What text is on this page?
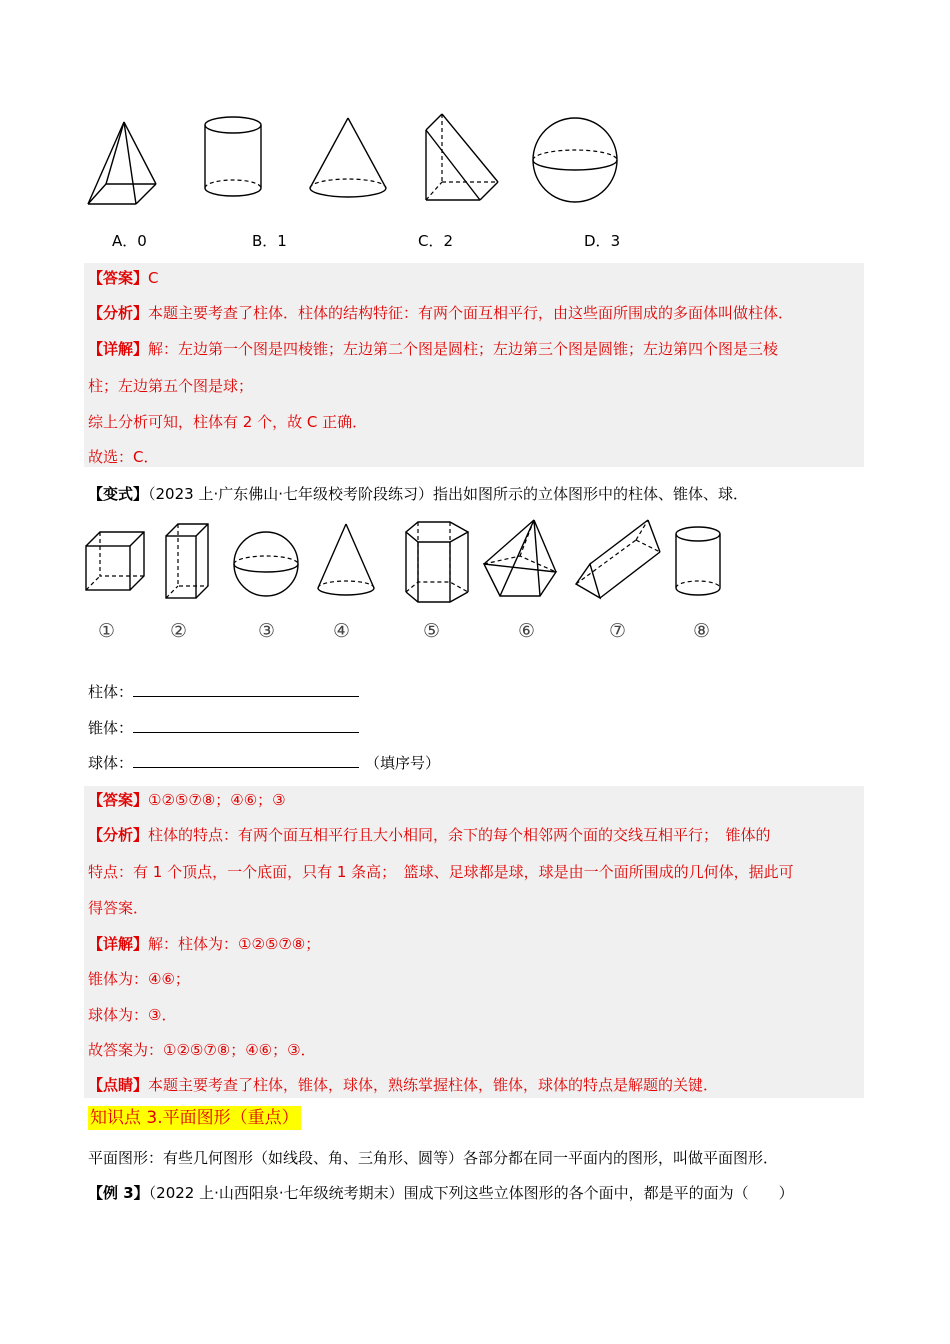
A．0	B．1	C．2	D．3
【答案】C
【分析】本题主要考查了柱体．柱体的结构特征：有两个面互相平行，由这些面所围成的多面体叫做柱体．
【详解】解：左边第一个图是四棱锥；左边第二个图是圆柱；左边第三个图是圆锥；左边第四个图是三棱
柱；左边第五个图是球；
综上分析可知，柱体有 2 个，故 C 正确．
故选：C．
【变式】（2023 上·广东佛山·七年级校考阶段练习）指出如图所示的立体图形中的柱体、锥体、球．
①	②	③	④	⑤	⑥	⑦	⑧
柱体：
锥体：
球体：	（填序号）
【答案】①②⑤⑦⑧；④⑥；③
【分析】柱体的特点：有两个面互相平行且大小相同，余下的每个相邻两个面的交线互相平行；　锥体的
特点：有 1 个顶点，一个底面，只有 1 条高；　篮球、足球都是球，球是由一个面所围成的几何体，据此可
得答案．
【详解】解：柱体为：①②⑤⑦⑧；
锥体为：④⑥；
球体为：③．
故答案为：①②⑤⑦⑧；④⑥；③．
【点睛】本题主要考查了柱体，锥体，球体，熟练掌握柱体，锥体，球体的特点是解题的关键．
知识点 3.平面图形（重点）
平面图形：有些几何图形（如线段、角、三角形、圆等）各部分都在同一平面内的图形，叫做平面图形．
【例 3】（2022 上·山西阳泉·七年级统考期末）围成下列这些立体图形的各个面中，都是平的面为（　　）
